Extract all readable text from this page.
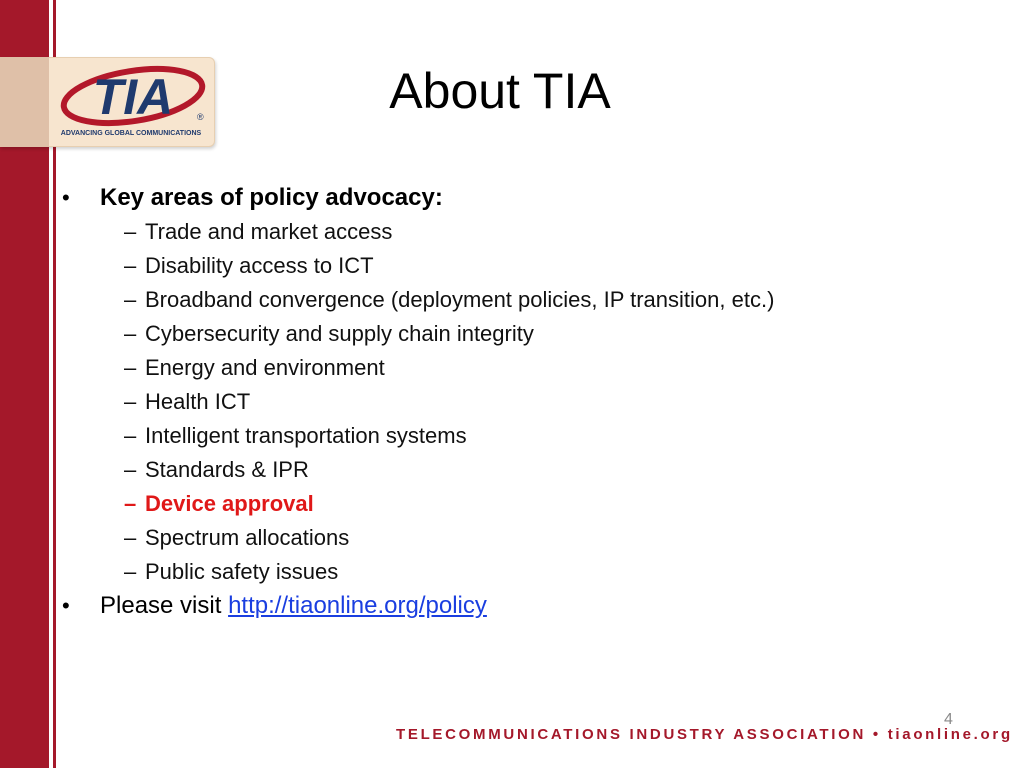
TIA	®
ADVANCING GLOBAL COMMUNICATIONS
About TIA
• Key areas of policy advocacy:
– Trade and market access
– Disability access to ICT
– Broadband convergence (deployment policies, IP transition, etc.)
– Cybersecurity and supply chain integrity
– Energy and environment
– Health ICT
– Intelligent transportation systems
– Standards & IPR
– Device approval
– Spectrum allocations
– Public safety issues
• Please visit http://tiaonline.org/policy
4
TELECOMMUNICATIONS INDUSTRY ASSOCIATION • tiaonline.org
